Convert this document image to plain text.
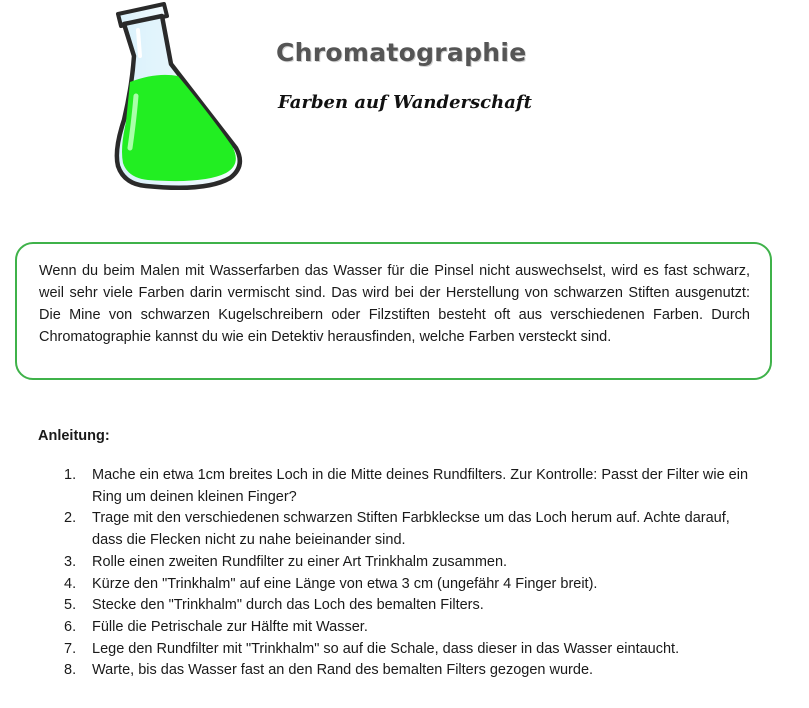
Chromatographie
Farben auf Wanderschaft

Wenn du beim Malen mit Wasserfarben das Wasser für die Pinsel nicht auswechselst, wird es fast schwarz, weil sehr viele Farben darin vermischt sind. Das wird bei der Herstellung von schwarzen Stiften ausgenutzt: Die Mine von schwarzen Kugelschreibern oder Filzstiften besteht oft aus verschiedenen Farben. Durch Chromatographie kannst du wie ein Detektiv herausfinden, welche Farben versteckt sind.

Anleitung:
1.	Mache ein etwa 1cm breites Loch in die Mitte deines Rundfilters. Zur Kontrolle: Passt der Filter wie ein Ring um deinen kleinen Finger?
2.	Trage mit den verschiedenen schwarzen Stiften Farbkleckse um das Loch herum auf. Achte darauf, dass die Flecken nicht zu nahe beieinander sind.
3.	Rolle einen zweiten Rundfilter zu einer Art Trinkhalm zusammen.
4.	Kürze den "Trinkhalm" auf eine Länge von etwa 3 cm (ungefähr 4 Finger breit).
5.	Stecke den "Trinkhalm" durch das Loch des bemalten Filters.
6.	Fülle die Petrischale zur Hälfte mit Wasser.
7.	Lege den Rundfilter mit "Trinkhalm" so auf die Schale, dass dieser in das Wasser eintaucht.
8.	Warte, bis das Wasser fast an den Rand des bemalten Filters gezogen wurde.
